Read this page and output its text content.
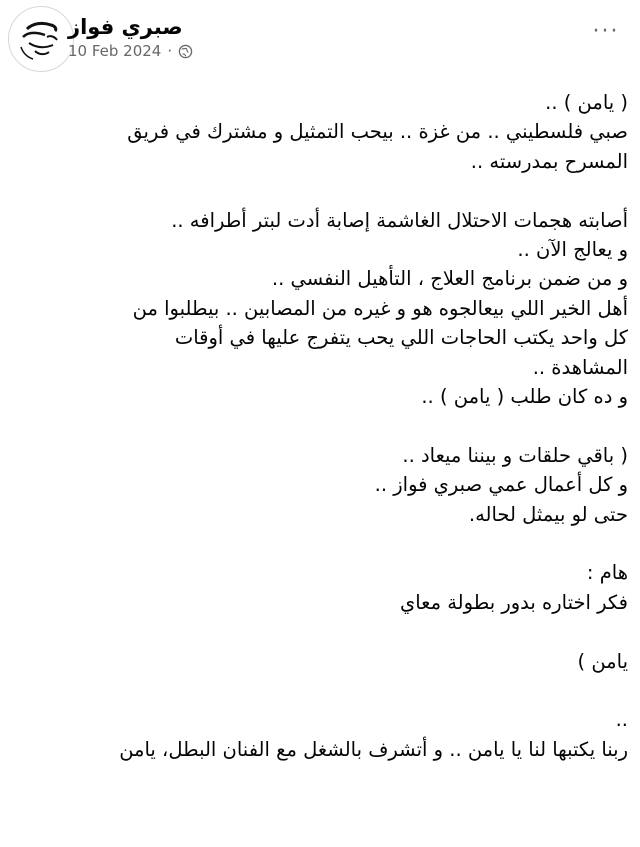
صبري فواز
10 Feb 2024 ·
···
( يامن ) ..
صبي فلسطيني .. من غزة .. بيحب التمثيل و مشترك في فريق
المسرح بمدرسته ..
أصابته هجمات الاحتلال الغاشمة إصابة أدت لبتر أطرافه ..
و يعالج الآن ..
و من ضمن برنامج العلاج ، التأهيل النفسي ..
أهل الخير اللي بيعالجوه هو و غيره من المصابين .. بيطلبوا من
كل واحد يكتب الحاجات اللي يحب يتفرج عليها في أوقات
المشاهدة ..
و ده كان طلب ( يامن ) ..
( باقي حلقات و بيننا ميعاد ..
و كل أعمال عمي صبري فواز ..
حتى لو بيمثل لحاله.
هام :
فكر اختاره بدور بطولة معاي
يامن )
..
ربنا يكتبها لنا يا يامن .. و أتشرف بالشغل مع الفنان البطل، يامن
